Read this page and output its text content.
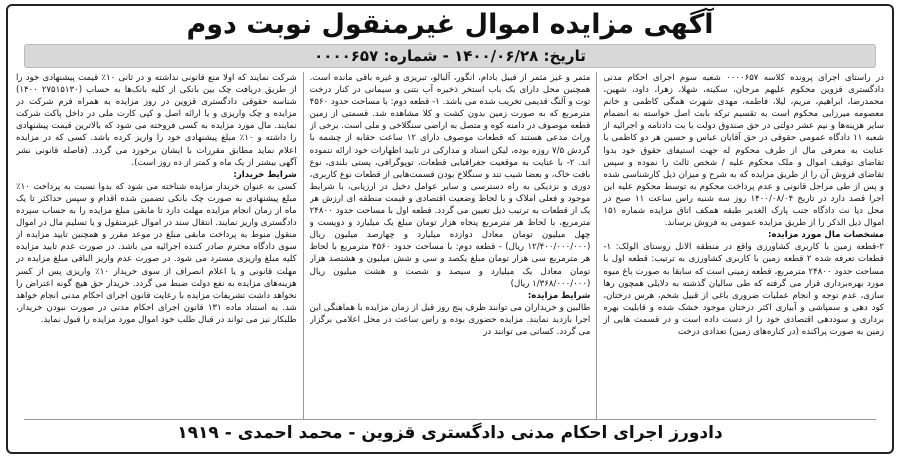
آگهی مزایده اموال غیرمنقول نوبت دوم
تاریخ: ۱۴۰۰/۰۶/۲۸ - شماره: ۰۰۰۰۶۵۷

در راستای اجرای پرونده کلاسه ۰۰۰۰۶۵۷ شعبه سوم اجرای احکام مدنی دادگستری قزوین محکوم علیهم مرجان، سکینه، شهلا، زهرا، داود، شهین، محمدرضا، ابراهیم، مریم، لیلا، فاطمه، مهدی شهرت همگی کاظمی و خانم معصومه میرزایی محکوم است به تقسیم ترکه بابت اصل خواسته به انضمام سایر هزینه‌ها و نیم عشر دولتی در حق صندوق دولت با بت دادنامه و اجرائیه از شعبه ۱۱ دادگاه عمومی حقوقی در حق آقایان عباس و حسین هر دو کاظمی با عنایت به معرفی مال از طرف محکوم له جهت استیفای حقوق خود بدوا تقاضای توقیف اموال و ملک محکوم علیه / شخص ثالث را نموده و سپس تقاضای فروش آن را از طریق مزایده که به شرح و میزان ذیل کارشناسی شده و پس از طی مراحل قانونی و عدم پرداخت محکوم به توسط محکوم علیه این اجرا قصد دارد در تاریخ ۱۴۰۰/۰۸/۰۴ روز سه شنبه راس ساعت ۱۱ صبح در محل دیا نت دادگاه جنب پارک الغدیر طبقه همکف اتاق مزایده شماره ۱۵۱ اموال ذیل الذکر را از طریق مزایده عمومی به فروش برساند.

مشخصات مال مورد مزایده:

۲-قطعه زمین با کاربری کشاورزی واقع در منطقه الانل روستای الولک: ۱-قطعات تعرفه شده ۲ قطعه زمین با کاربری کشاورزی به ترتیب: قطعه اول با مساحت حدود ۲۴۸۰۰ مترمربع، قطعه زمینی است که سابقا به صورت باغ میوه مورد بهره‌برداری قرار می گرفته که طی سالیان گذشته به دلایلی همچون رها سازی، عدم توجه و انجام عملیات ضروری باغی از قبیل شخم، هرس درختان، کود دهی و سمپاشی و آبیاری اکثر درختان موجود خشک شده و قابلیت بهره برداری و سوددهی اقتصادی خود را از دست داده است و در قسمت هایی از زمین به صورت پراکنده (در کناره‌های زمین) تعدادی درخت

مثمر و غیر مثمر از قبیل بادام، انگور، آلبالو، تبریزی و غیره باقی مانده است. همچنین محل دارای یک باب استخر ذخیره آب بتنی و سیمانی در کنار درخت توت و آلنگ قدیمی تخریب شده می باشد. ۱- قطعه دوم: با مساحت حدود ۴۵۶۰ مترمربع که به صورت زمین بدون کشت و کلا مشاهده شد. قسمتی از زمین قطعه موصوف در دامنه کوه و متصل به اراضی سنگلاخی و ملی است. برخی از وراث مدعی هستند که قطعات موصوف دارای ۱۲ ساعت حقابه از چشمه با گردش ۷/۵ روزه بوده، لیکن اسناد و مدارکی در تایید اظهارات خود ارائه ننموده اند. ۲- با عنایت به موقعیت جغرافیایی قطعات، توپوگرافی، پستی بلندی، نوع بافت خاک، و بعضا شیب تند و سنگلاخ بودن قسمت‌هایی از قطعات نوع کاربری، دوری و نزدیکی به راه دسترسی و سایر عوامل دخیل در ارزیابی، با شرایط موجود و فعلی املاک و با لحاظ وضعیت اقتصادی و قیمت منطقه ای ارزش هر یک از قطعات به ترتیب ذیل تعیین می گردد. قطعه اول با مساحت حدود ۲۴۸۰۰ مترمربع، با لحاظ هر مترمربع پنجاه هزار تومان مبلغ یک میلیارد و دویست و چهل میلیون تومان معادل دوازده میلیارد و چهارصد میلیون ریال (۱۲/۴۰۰/۰۰۰/۰۰۰ ریال) - قطعه دوم: با مساحت حدود ۴۵۶۰ مترمربع با لحاظ هر مترمربع سی هزار تومان مبلغ یکصد و سی و شش میلیون و هشتصد هزار تومان معادل یک میلیارد و سیصد و شصت و هشت میلیون ریال (۱/۳۶۸/۰۰۰/۰۰۰ ریال)

شرایط مزایده:

طالبین و خریداران می توانند ظرف پنج روز قبل از زمان مزایده با هماهنگی این اجرا بازدید نمایند. مزایده حضوری بوده و راس ساعت در محل اعلامی برگزار می گردد. کسانی می توانند در

شرکت نمایند که اولا منع قانونی نداشته و در ثانی ۱۰٪ قیمت پیشنهادی خود را از طریق دریافت چک بین بانکی از کلیه بانک‌ها به حساب (۲۷۵۱۵۱۳۰ ۱۴۰۰) شناسه حقوقی دادگستری قزوین در روز مزایده به همراه فرم شرکت در مزایده و چک واریزی و یا ارائه اصل و کپی کارت ملی در داخل پاکت شرکت نمایند. مال مورد مزایده به کسی فروخته می شود که بالاترین قیمت پیشنهادی را داشته و ۱۰٪ مبلغ پیشنهادی خود را واریز کرده باشد. کسی که در مزایده اعلام نماید مطابق مقررات با ایشان برخورد می گردد. (فاصله قانونی نشر آگهی بیشتر از یک ماه و کمتر از ده روز است).

شرایط خریدار:

کسی به عنوان خریدار مزایده شناخته می شود که بدوا نسبت به پرداخت ۱۰٪ مبلغ پیشنهادی به صورت چک بانکی تضمین شده اقدام و سپس حداکثر تا یک ماه از زمان انجام مزایده مهلت دارد تا مابقی مبلغ مزایده را به حساب سپرده دادگستری واریز نمایند. انتقال سند در اموال غیرمنقول و یا تسلیم مال در اموال منقول منوط به پرداخت مابقی مبلغ در موعد مقرر و همچنین تایید مزایده از سوی دادگاه محترم صادر کننده اجرائیه می باشد. در صورت عدم تایید مزایده کلیه مبلغ واریزی مسترد می شود. در صورت عدم واریز الباقی مبلغ مزایده در مهلت قانونی و یا اعلام انصراف از سوی خریدار ۱۰٪ واریزی پس از کسر هزینه‌های مزایده به نفع دولت ضبط می گردد. خریدار حق هیچ گونه اعتراض را نخواهد داشت تشریفات مزایده با رعایت قانون اجرای احکام مدنی انجام خواهد شد. به استناد ماده ۱۳۱ قانون اجرای احکام مدنی در صورت نبودن خریدار، طلبکار نیز می تواند در قبال طلب خود اموال مورد مزایده را قبول نماید.

دادورز اجرای احکام مدنی دادگستری قزوین - محمد احمدی - ۱۹۱۹
